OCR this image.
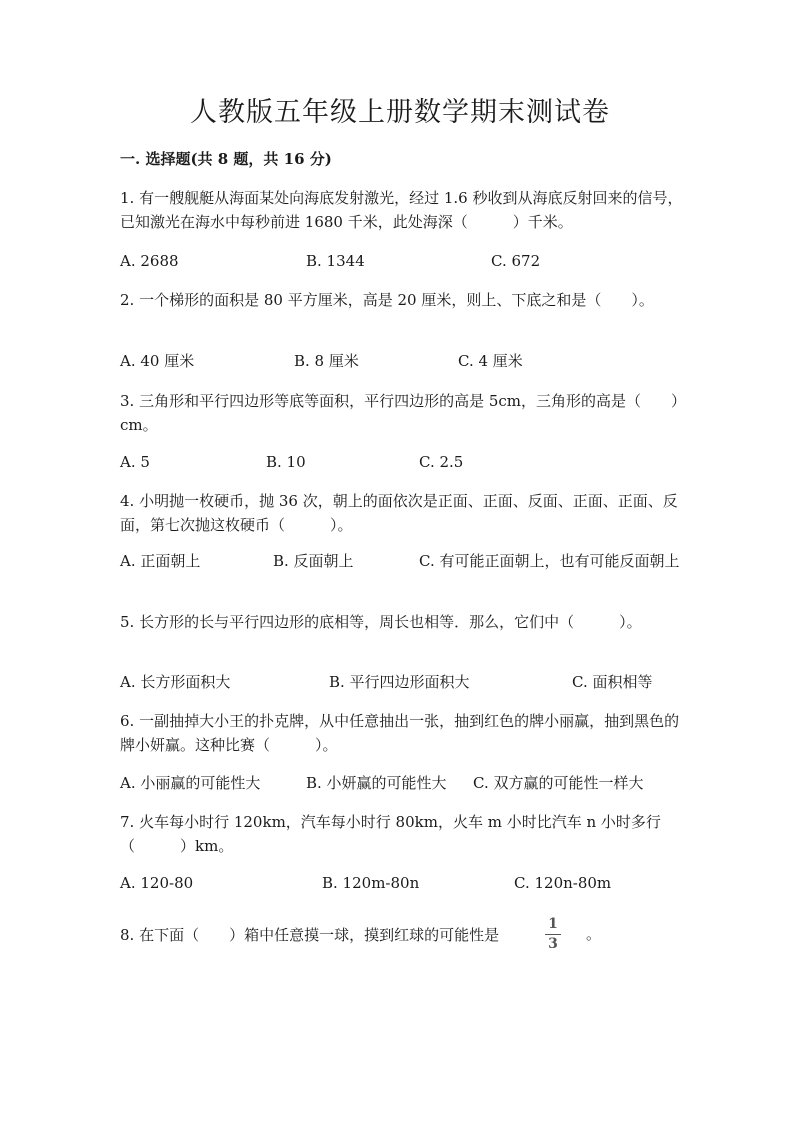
人教版五年级上册数学期末测试卷
一. 选择题(共 8 题，共 16 分)
1. 有一艘舰艇从海面某处向海底发射激光，经过 1.6 秒收到从海底反射回来的信号，已知激光在海水中每秒前进 1680 千米，此处海深（　　　）千米。
A. 2688	B. 1344	C. 672
2. 一个梯形的面积是 80 平方厘米，高是 20 厘米，则上、下底之和是（　　）。
A. 40 厘米	B. 8 厘米	C. 4 厘米
3. 三角形和平行四边形等底等面积，平行四边形的高是 5cm，三角形的高是（　　）cm。
A. 5	B. 10	C. 2.5
4. 小明抛一枚硬币，抛 36 次，朝上的面依次是正面、正面、反面、正面、正面、反面，第七次抛这枚硬币（　　　）。
A. 正面朝上	B. 反面朝上	C. 有可能正面朝上，也有可能反面朝上
5. 长方形的长与平行四边形的底相等，周长也相等．那么，它们中（　　　）。
A. 长方形面积大	B. 平行四边形面积大	C. 面积相等
6. 一副抽掉大小王的扑克牌，从中任意抽出一张，抽到红色的牌小丽赢，抽到黑色的牌小妍赢。这种比赛（　　　）。
A. 小丽赢的可能性大	B. 小妍赢的可能性大 C. 双方赢的可能性一样大
7. 火车每小时行 120km，汽车每小时行 80km，火车 m 小时比汽车 n 小时多行（　　　）km。
A. 120-80	B. 120m-80n	C. 120n-80m
8. 在下面（　　）箱中任意摸一球，摸到红球的可能性是
1
3
。
